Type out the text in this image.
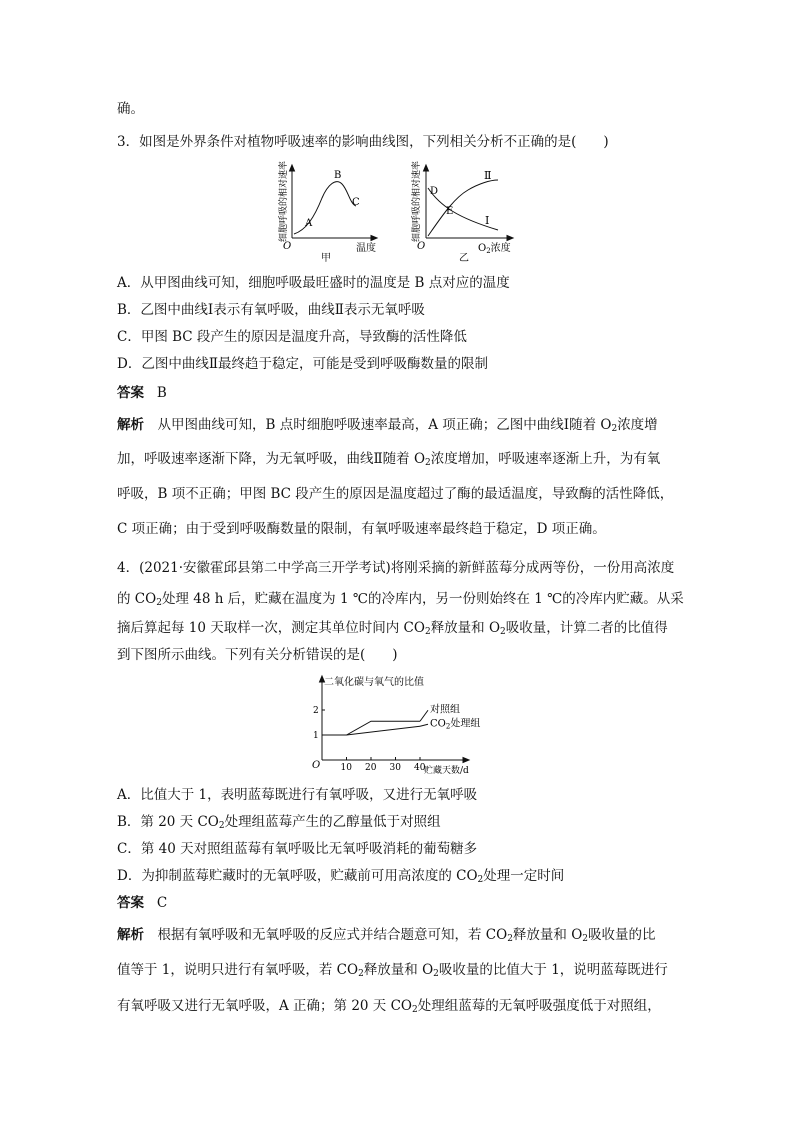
确。
3．如图是外界条件对植物呼吸速率的影响曲线图，下列相关分析不正确的是(　　)
细胞呼吸的相对速率
O
A
B
C
温度
甲
细胞呼吸的相对速率
O
D
E
Ⅱ
Ⅰ
$O_2$浓度
乙
A．从甲图曲线可知，细胞呼吸最旺盛时的温度是 B 点对应的温度
B．乙图中曲线Ⅰ表示有氧呼吸，曲线Ⅱ表示无氧呼吸
C．甲图 BC 段产生的原因是温度升高，导致酶的活性降低
D．乙图中曲线Ⅱ最终趋于稳定，可能是受到呼吸酶数量的限制
答案 B
解析　从甲图曲线可知，B 点时细胞呼吸速率最高，A 项正确；乙图中曲线Ⅰ随着 $O_2$浓度增
加，呼吸速率逐渐下降，为无氧呼吸，曲线Ⅱ随着 $O_2$浓度增加，呼吸速率逐渐上升，为有氧
呼吸，B 项不正确；甲图 BC 段产生的原因是温度超过了酶的最适温度，导致酶的活性降低，
C 项正确；由于受到呼吸酶数量的限制，有氧呼吸速率最终趋于稳定，D 项正确。
4．(2021·安徽霍邱县第二中学高三开学考试)将刚采摘的新鲜蓝莓分成两等份，一份用高浓度
的 $CO_2$处理 48 h 后，贮藏在温度为 1 ℃的冷库内，另一份则始终在 1 ℃的冷库内贮藏。从采
摘后算起每 10 天取样一次，测定其单位时间内 $CO_2$释放量和 $O_2$吸收量，计算二者的比值得
到下图所示曲线。下列有关分析错误的是(　　)
10 20 30 40
1
2	对照组
$CO_2$处理组
二氧化碳与氧气的比值
O	贮藏天数/d
A．比值大于 1，表明蓝莓既进行有氧呼吸，又进行无氧呼吸
B．第 20 天 $CO_2$处理组蓝莓产生的乙醇量低于对照组
C．第 40 天对照组蓝莓有氧呼吸比无氧呼吸消耗的葡萄糖多
D．为抑制蓝莓贮藏时的无氧呼吸，贮藏前可用高浓度的 $CO_2$处理一定时间
答案 C
解析　根据有氧呼吸和无氧呼吸的反应式并结合题意可知，若 $CO_2$释放量和 $O_2$吸收量的比
值等于 1，说明只进行有氧呼吸，若 $CO_2$释放量和 $O_2$吸收量的比值大于 1，说明蓝莓既进行
有氧呼吸又进行无氧呼吸，A 正确；第 20 天 $CO_2$处理组蓝莓的无氧呼吸强度低于对照组，
